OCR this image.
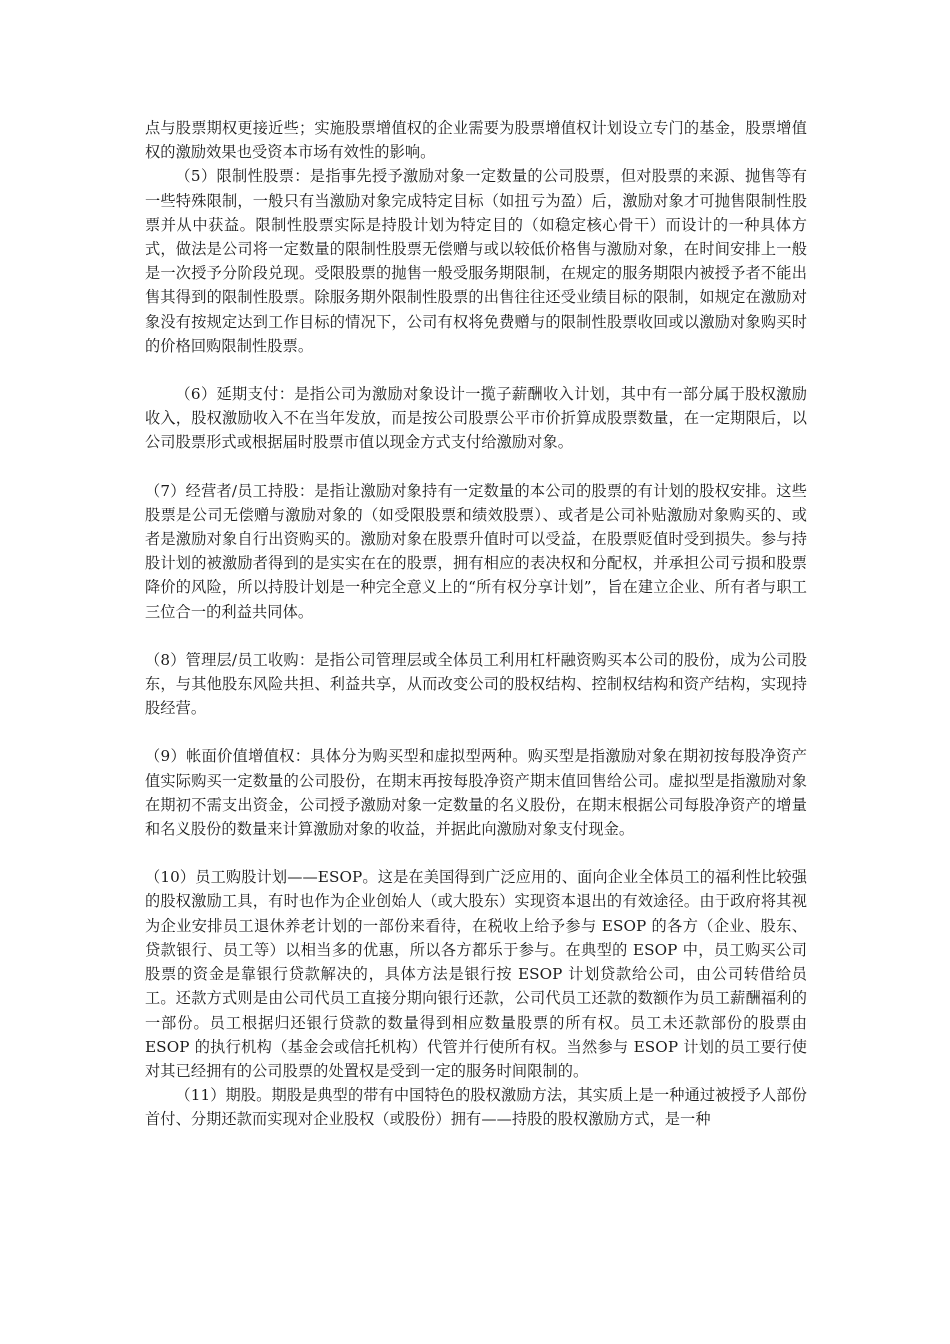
点与股票期权更接近些；实施股票增值权的企业需要为股票增值权计划设立专门的基金，股票增值权的激励效果也受资本市场有效性的影响。

（5）限制性股票：是指事先授予激励对象一定数量的公司股票，但对股票的来源、抛售等有一些特殊限制，一般只有当激励对象完成特定目标（如扭亏为盈）后，激励对象才可抛售限制性股票并从中获益。限制性股票实际是持股计划为特定目的（如稳定核心骨干）而设计的一种具体方式，做法是公司将一定数量的限制性股票无偿赠与或以较低价格售与激励对象，在时间安排上一般是一次授予分阶段兑现。受限股票的抛售一般受服务期限制，在规定的服务期限内被授予者不能出售其得到的限制性股票。除服务期外限制性股票的出售往往还受业绩目标的限制，如规定在激励对象没有按规定达到工作目标的情况下，公司有权将免费赠与的限制性股票收回或以激励对象购买时的价格回购限制性股票。

（6）延期支付：是指公司为激励对象设计一揽子薪酬收入计划，其中有一部分属于股权激励收入，股权激励收入不在当年发放，而是按公司股票公平市价折算成股票数量，在一定期限后，以公司股票形式或根据届时股票市值以现金方式支付给激励对象。

（7）经营者/员工持股：是指让激励对象持有一定数量的本公司的股票的有计划的股权安排。这些股票是公司无偿赠与激励对象的（如受限股票和绩效股票）、或者是公司补贴激励对象购买的、或者是激励对象自行出资购买的。激励对象在股票升值时可以受益，在股票贬值时受到损失。参与持股计划的被激励者得到的是实实在在的股票，拥有相应的表决权和分配权，并承担公司亏损和股票降价的风险，所以持股计划是一种完全意义上的“所有权分享计划”，旨在建立企业、所有者与职工三位合一的利益共同体。

（8）管理层/员工收购：是指公司管理层或全体员工利用杠杆融资购买本公司的股份，成为公司股东，与其他股东风险共担、利益共享，从而改变公司的股权结构、控制权结构和资产结构，实现持股经营。

（9）帐面价值增值权：具体分为购买型和虚拟型两种。购买型是指激励对象在期初按每股净资产值实际购买一定数量的公司股份，在期末再按每股净资产期末值回售给公司。虚拟型是指激励对象在期初不需支出资金，公司授予激励对象一定数量的名义股份，在期末根据公司每股净资产的增量和名义股份的数量来计算激励对象的收益，并据此向激励对象支付现金。

（10）员工购股计划——ESOP。这是在美国得到广泛应用的、面向企业全体员工的福利性比较强的股权激励工具，有时也作为企业创始人（或大股东）实现资本退出的有效途径。由于政府将其视为企业安排员工退休养老计划的一部份来看待，在税收上给予参与 ESOP 的各方（企业、股东、贷款银行、员工等）以相当多的优惠，所以各方都乐于参与。在典型的 ESOP 中，员工购买公司股票的资金是靠银行贷款解决的，具体方法是银行按 ESOP 计划贷款给公司，由公司转借给员工。还款方式则是由公司代员工直接分期向银行还款，公司代员工还款的数额作为员工薪酬福利的一部份。员工根据归还银行贷款的数量得到相应数量股票的所有权。员工未还款部份的股票由 ESOP 的执行机构（基金会或信托机构）代管并行使所有权。当然参与 ESOP 计划的员工要行使对其已经拥有的公司股票的处置权是受到一定的服务时间限制的。

（11）期股。期股是典型的带有中国特色的股权激励方法，其实质上是一种通过被授予人部份首付、分期还款而实现对企业股权（或股份）拥有——持股的股权激励方式，是一种
